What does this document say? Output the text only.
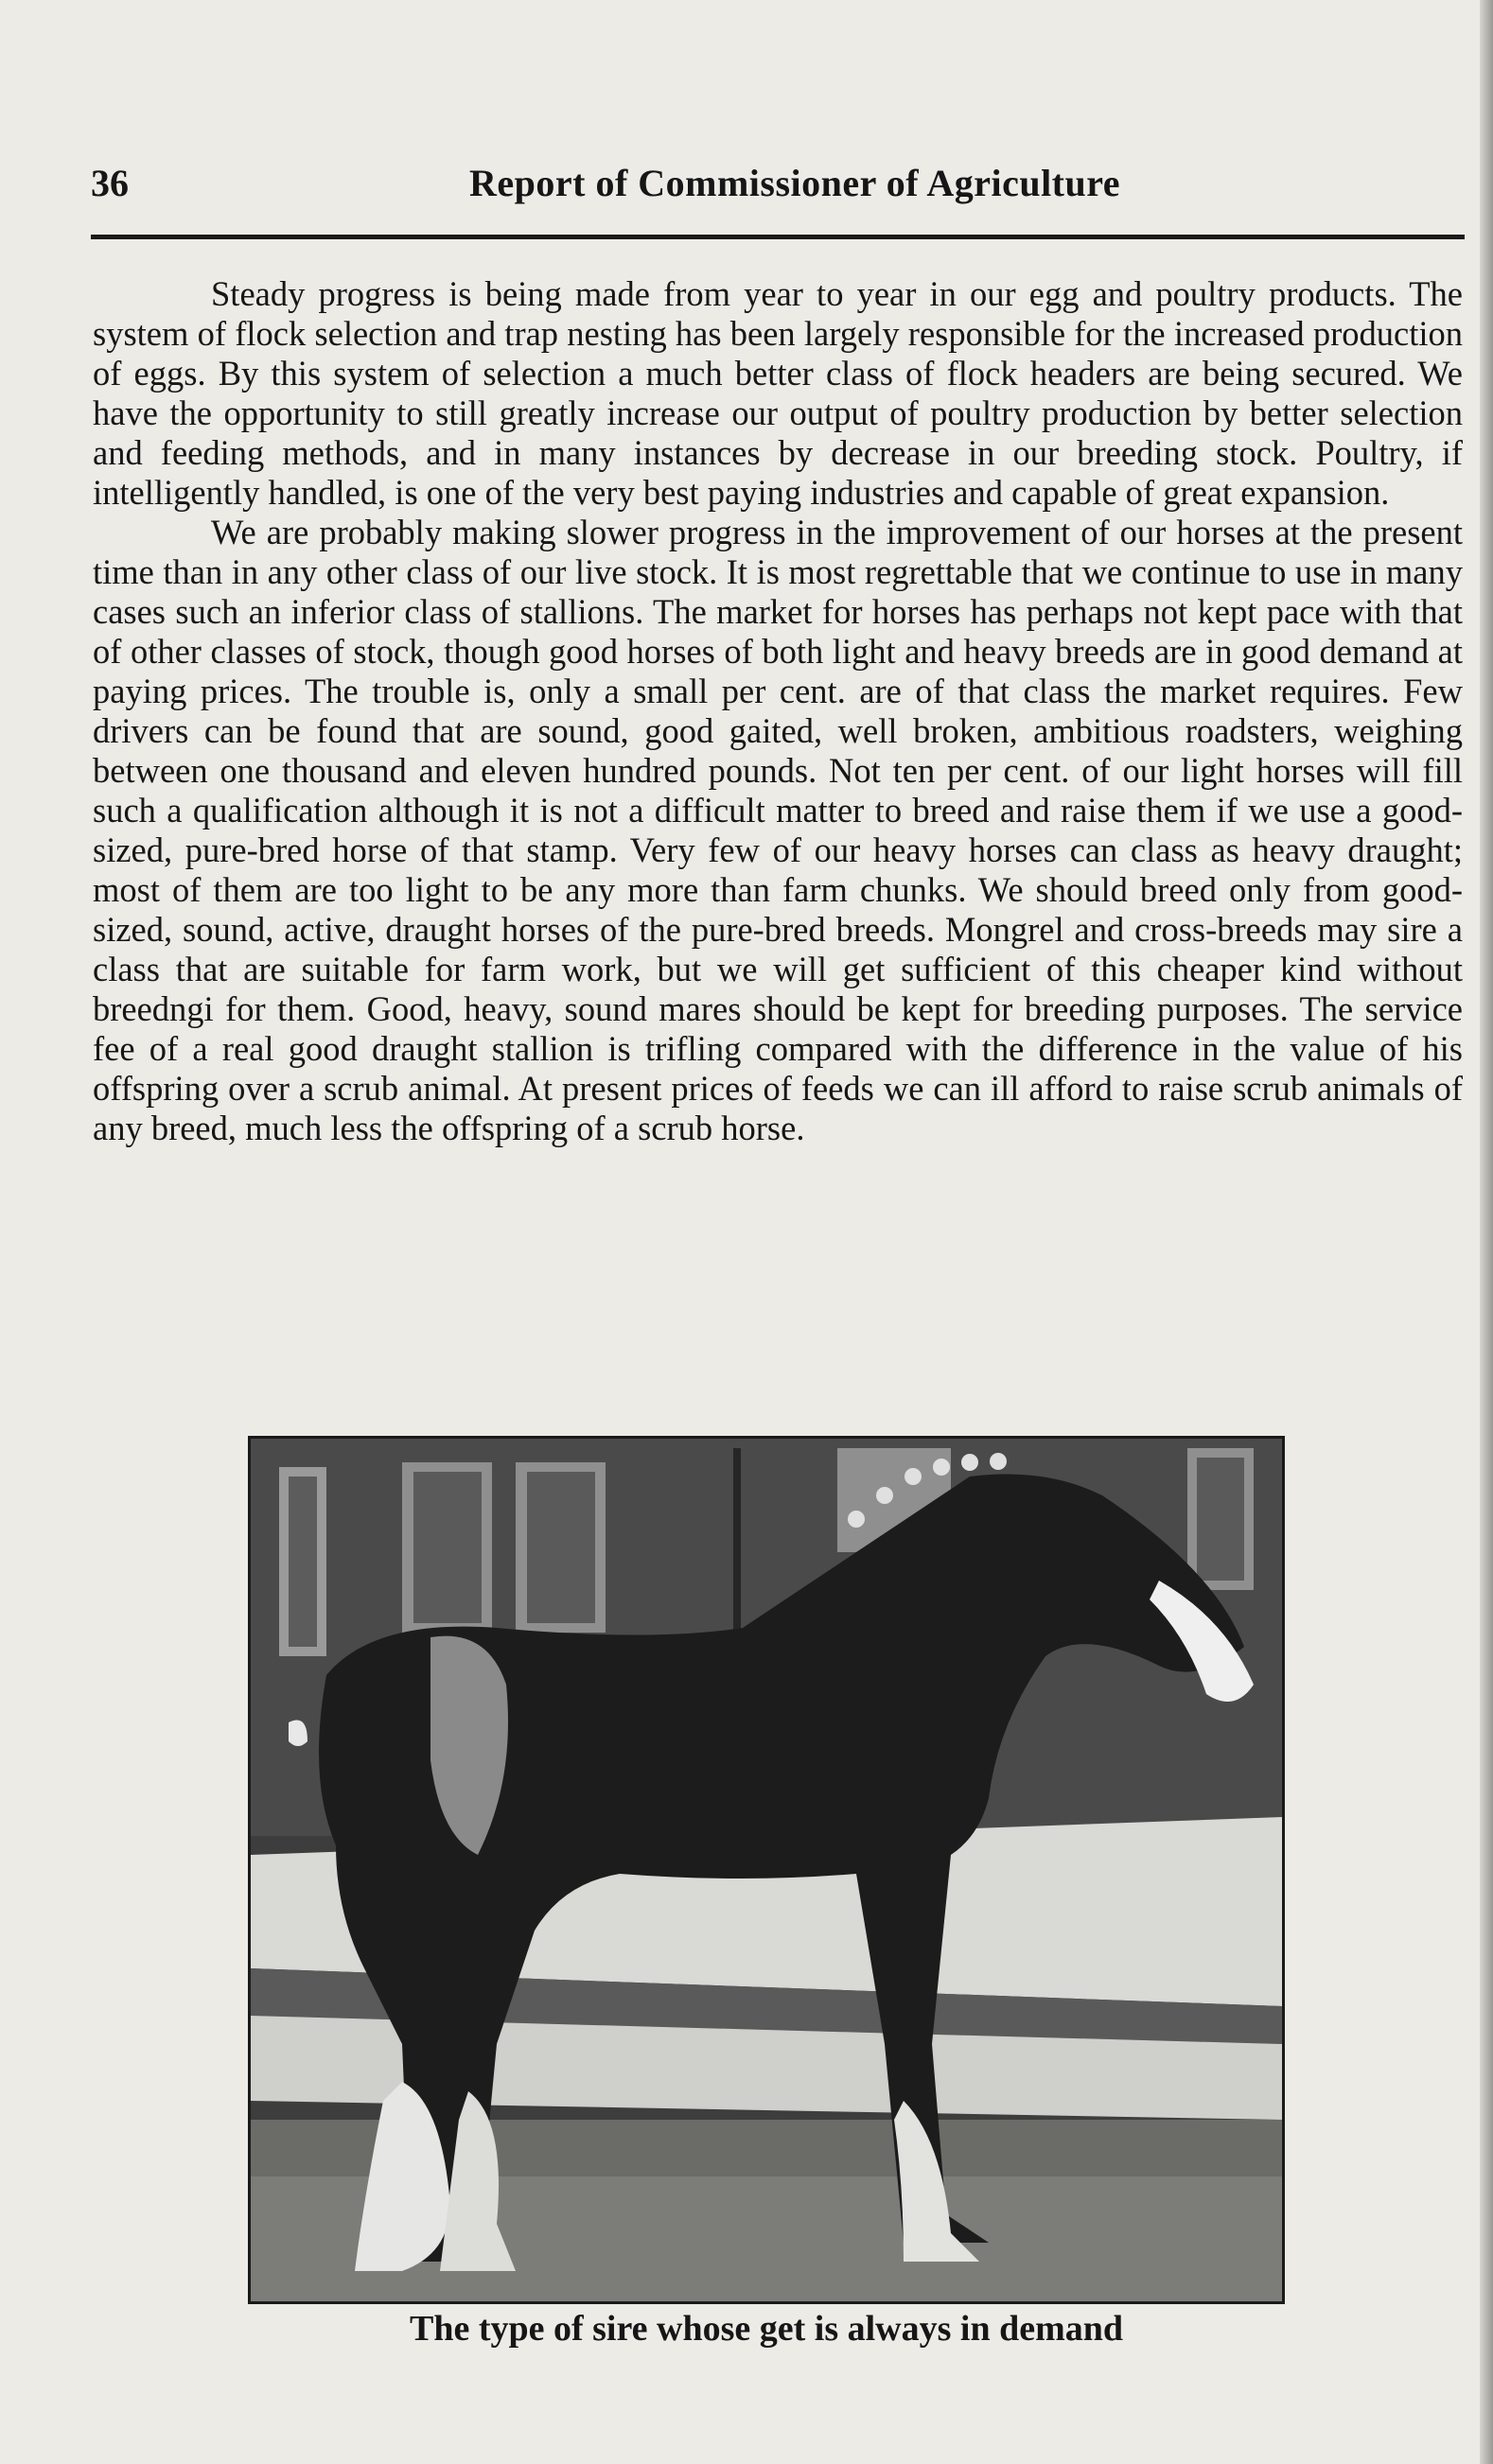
36	Report of Commissioner of Agriculture

Steady progress is being made from year to year in our egg and poultry products. The system of flock selection and trap nesting has been largely responsible for the increased production of eggs. By this system of selection a much better class of flock headers are being secured. We have the opportunity to still greatly increase our output of poultry production by better selection and feeding methods, and in many instances by decrease in our breeding stock. Poultry, if intelligently handled, is one of the very best paying industries and capable of great expansion.

We are probably making slower progress in the improvement of our horses at the present time than in any other class of our live stock. It is most regrettable that we continue to use in many cases such an inferior class of stallions. The market for horses has perhaps not kept pace with that of other classes of stock, though good horses of both light and heavy breeds are in good demand at paying prices. The trouble is, only a small per cent. are of that class the market requires. Few drivers can be found that are sound, good gaited, well broken, ambitious roadsters, weighing between one thousand and eleven hundred pounds. Not ten per cent. of our light horses will fill such a qualification although it is not a difficult matter to breed and raise them if we use a good-sized, pure-bred horse of that stamp. Very few of our heavy horses can class as heavy draught; most of them are too light to be any more than farm chunks. We should breed only from good-sized, sound, active, draught horses of the pure-bred breeds. Mongrel and cross-breeds may sire a class that are suitable for farm work, but we will get sufficient of this cheaper kind without breedngi for them. Good, heavy, sound mares should be kept for breeding purposes. The service fee of a real good draught stallion is trifling compared with the difference in the value of his offspring over a scrub animal. At present prices of feeds we can ill afford to raise scrub animals of any breed, much less the offspring of a scrub horse.

The type of sire whose get is always in demand
